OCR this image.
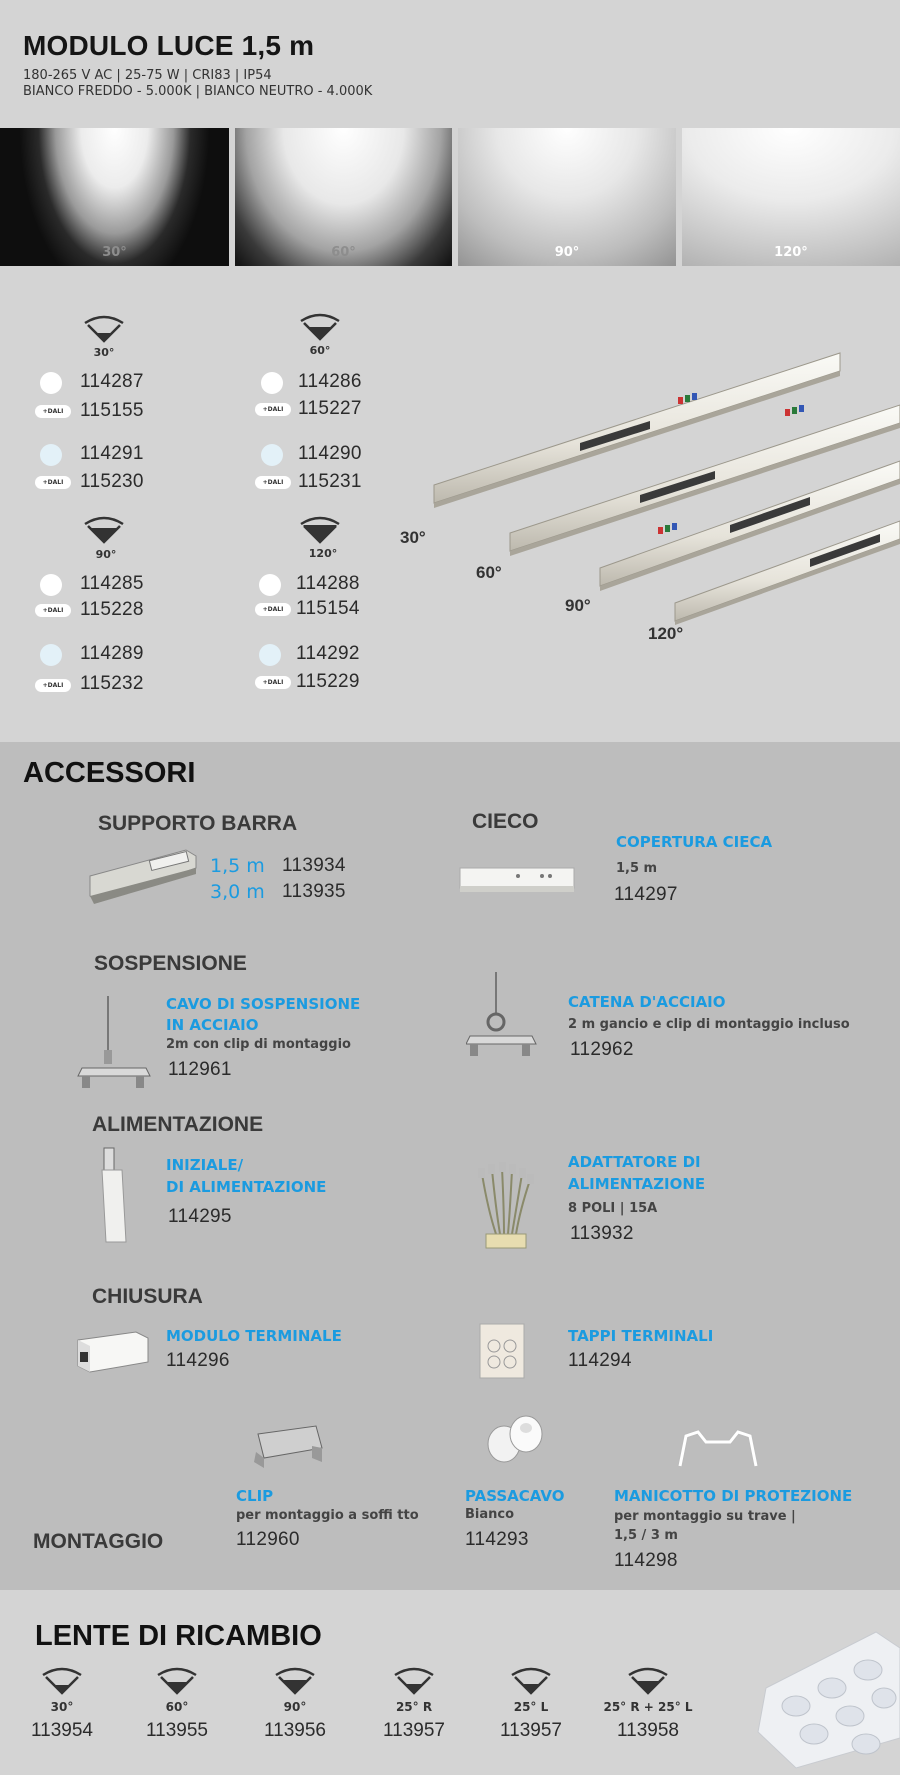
MODULO LUCE 1,5 m
180-265 V AC | 25-75 W | CRI83 | IP54
BIANCO FREDDO - 5.000K | BIANCO NEUTRO - 4.000K
30°	60°	90°	120°
30°
114287
+DALI 115155
114291
+DALI 115230
60°
114286
+DALI 115227
114290
+DALI 115231
90°
114285
+DALI 115228
114289
+DALI 115232
120°
114288
+DALI 115154
114292
+DALI 115229
30°
60°
90°
120°
ACCESSORI
SUPPORTO BARRA
1,5 m 113934
3,0 m 113935
CIECO
COPERTURA CIECA
1,5 m
114297
SOSPENSIONE
CAVO DI SOSPENSIONE
IN ACCIAIO
2m con clip di montaggio
112961
CATENA D'ACCIAIO
2 m gancio e clip di montaggio incluso
112962
ALIMENTAZIONE
INIZIALE/
DI ALIMENTAZIONE
114295
ADATTATORE DI
ALIMENTAZIONE
8 POLI | 15A
113932
CHIUSURA
MODULO TERMINALE
114296
TAPPI TERMINALI
114294
MONTAGGIO
CLIP
per montaggio a soffi tto
112960
PASSACAVO
Bianco
114293
MANICOTTO DI PROTEZIONE
per montaggio su trave |
1,5 / 3 m
114298
LENTE DI RICAMBIO
30°
113954
60°
113955
90°
113956
25° R
113957
25° L
113957
25° R + 25° L
113958
